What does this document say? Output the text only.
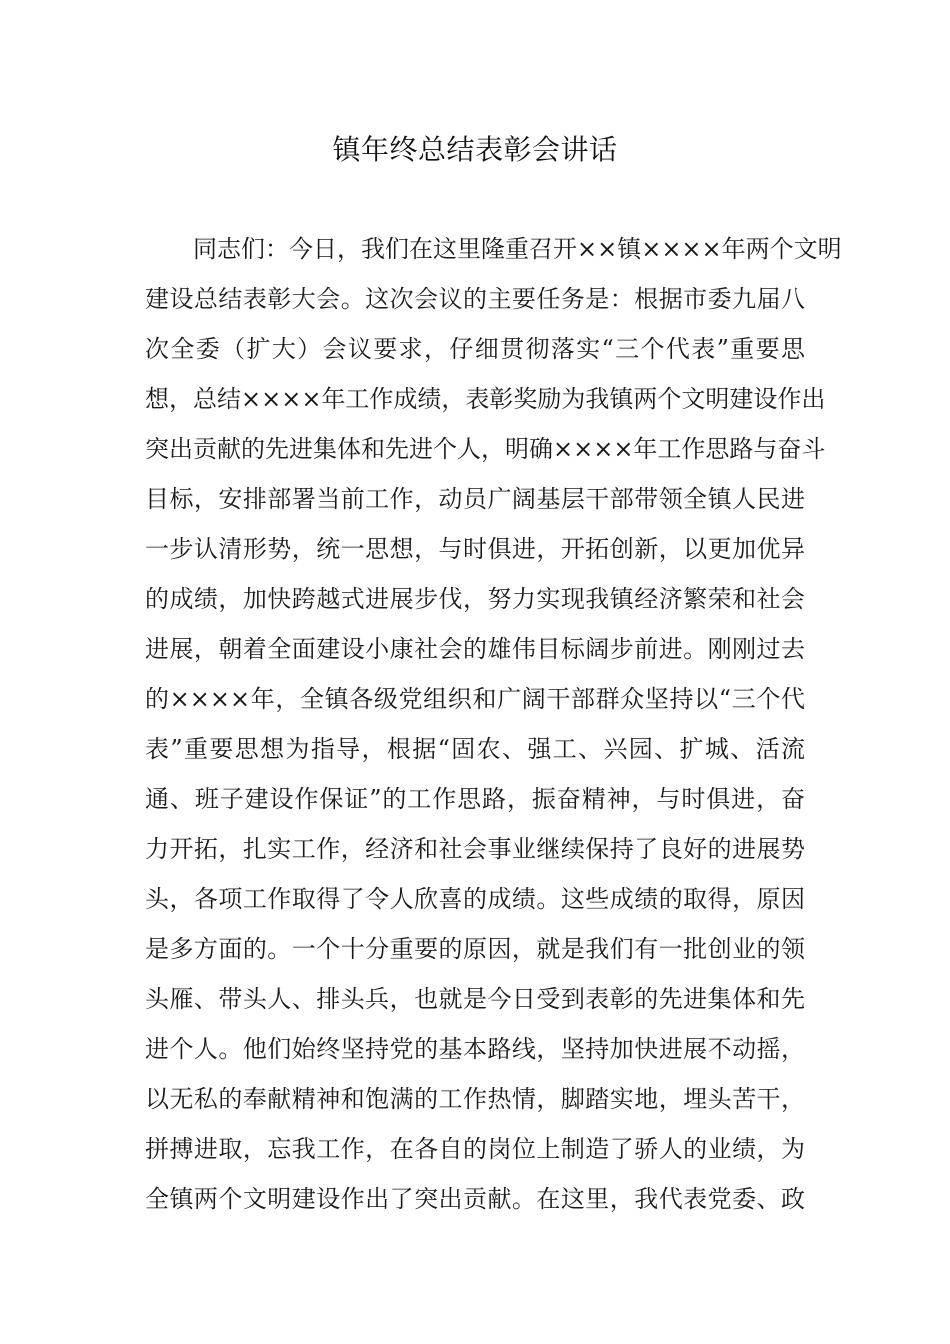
镇年终总结表彰会讲话
同志们：今日，我们在这里隆重召开××镇××××年两个文明
建设总结表彰大会。这次会议的主要任务是：根据市委九届八
次全委（扩大）会议要求，仔细贯彻落实“三个代表”重要思
想，总结××××年工作成绩，表彰奖励为我镇两个文明建设作出
突出贡献的先进集体和先进个人，明确××××年工作思路与奋斗
目标，安排部署当前工作，动员广阔基层干部带领全镇人民进
一步认清形势，统一思想，与时俱进，开拓创新，以更加优异
的成绩，加快跨越式进展步伐，努力实现我镇经济繁荣和社会
进展，朝着全面建设小康社会的雄伟目标阔步前进。刚刚过去
的××××年，全镇各级党组织和广阔干部群众坚持以“三个代
表”重要思想为指导，根据“固农、强工、兴园、扩城、活流
通、班子建设作保证”的工作思路，振奋精神，与时俱进，奋
力开拓，扎实工作，经济和社会事业继续保持了良好的进展势
头，各项工作取得了令人欣喜的成绩。这些成绩的取得，原因
是多方面的。一个十分重要的原因，就是我们有一批创业的领
头雁、带头人、排头兵，也就是今日受到表彰的先进集体和先
进个人。他们始终坚持党的基本路线，坚持加快进展不动摇，
以无私的奉献精神和饱满的工作热情，脚踏实地，埋头苦干，
拼搏进取，忘我工作，在各自的岗位上制造了骄人的业绩，为
全镇两个文明建设作出了突出贡献。在这里，我代表党委、政
